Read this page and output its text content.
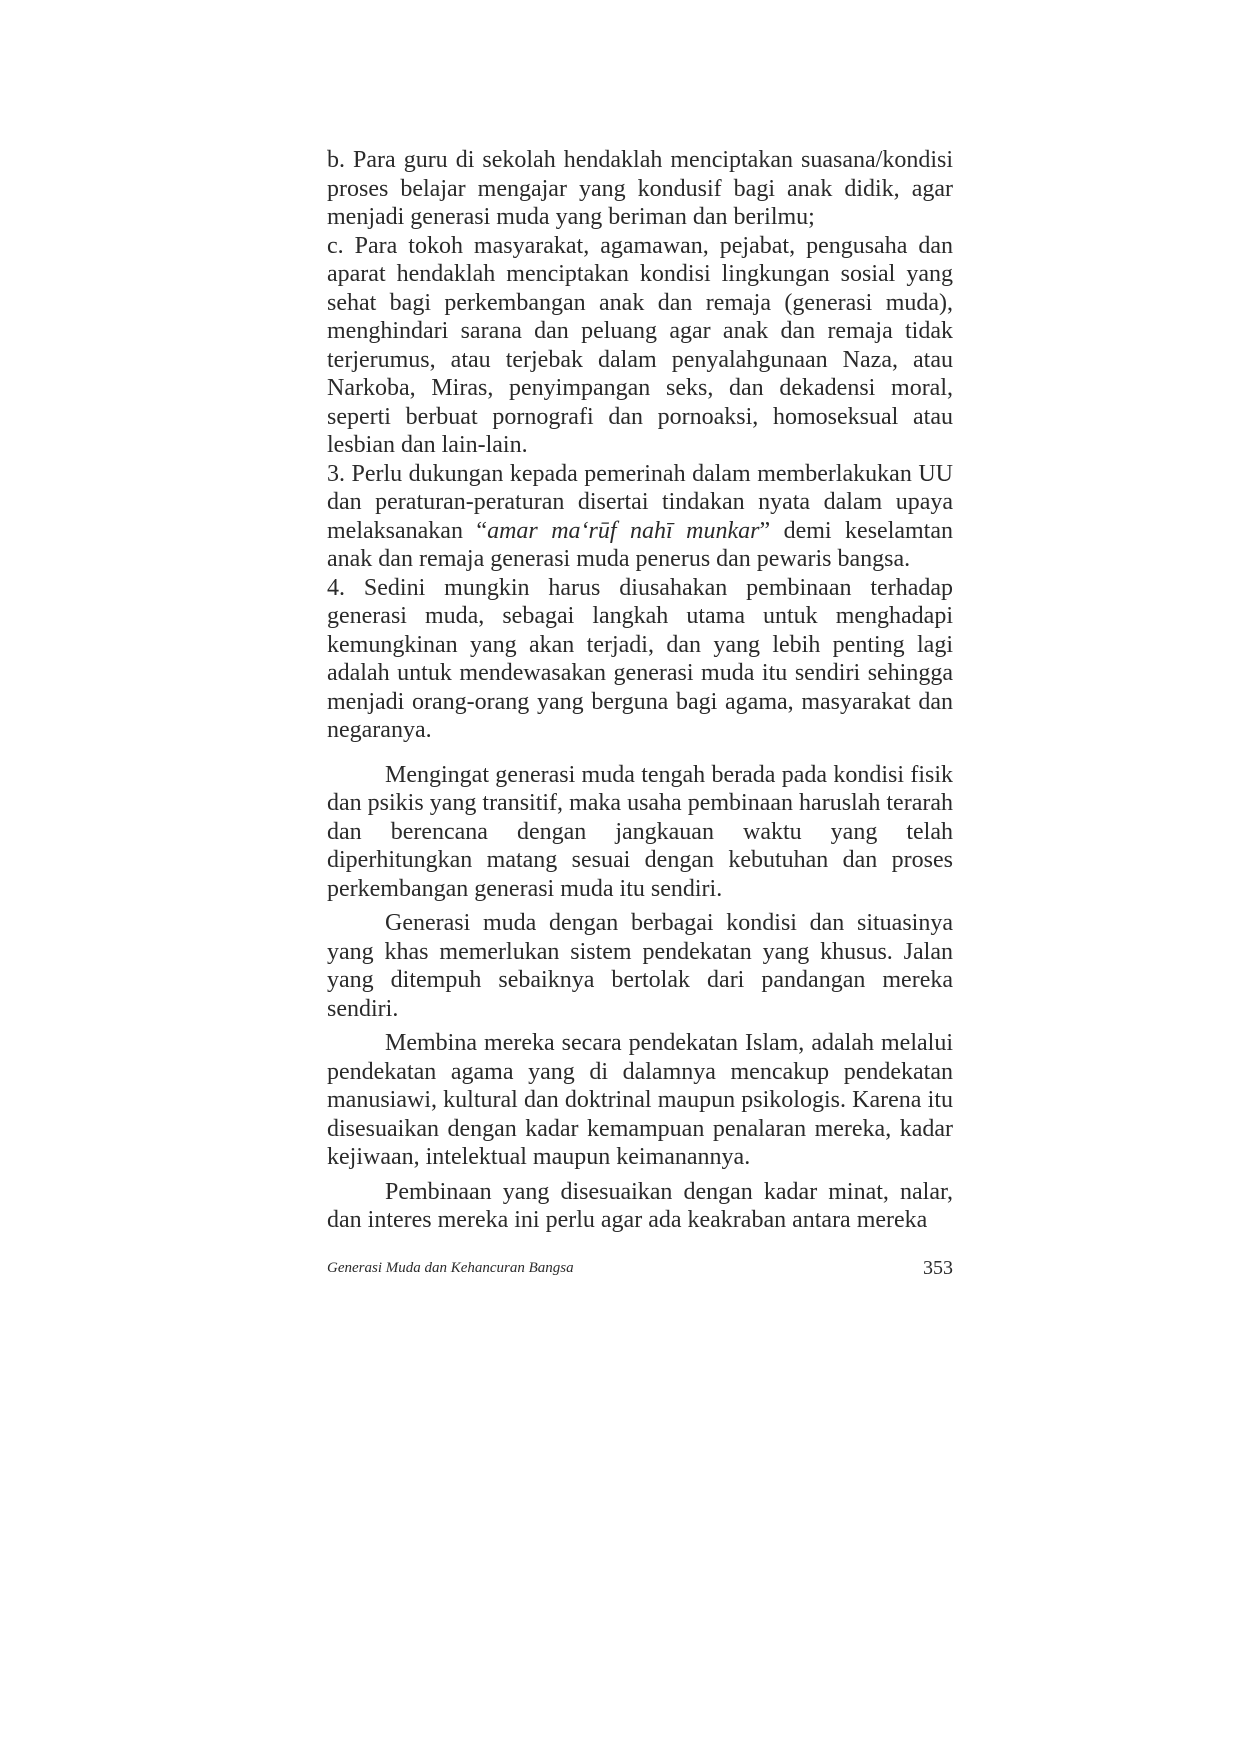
b. Para guru di sekolah hendaklah menciptakan suasana/kondisi proses belajar mengajar yang kondusif bagi anak didik, agar menjadi generasi muda yang beriman dan berilmu;

c. Para tokoh masyarakat, agamawan, pejabat, pengusaha dan aparat hendaklah menciptakan kondisi lingkungan sosial yang sehat bagi perkembangan anak dan remaja (generasi muda), menghindari sarana dan peluang agar anak dan remaja tidak terjerumus, atau terjebak dalam penyalahgunaan Naza, atau Narkoba, Miras, penyimpangan seks, dan dekadensi moral, seperti berbuat pornografi dan pornoaksi, homoseksual atau lesbian dan lain-lain.

3. Perlu dukungan kepada pemerinah dalam memberlakukan UU dan peraturan-peraturan disertai tindakan nyata dalam upaya melaksanakan “amar ma‘rūf nahī munkar” demi keselamtan anak dan remaja generasi muda penerus dan pewaris bangsa.

4. Sedini mungkin harus diusahakan pembinaan terhadap generasi muda, sebagai langkah utama untuk menghadapi kemungkinan yang akan terjadi, dan yang lebih penting lagi adalah untuk mendewasakan generasi muda itu sendiri sehingga menjadi orang-orang yang berguna bagi agama, masyarakat dan negaranya.

Mengingat generasi muda tengah berada pada kondisi fisik dan psikis yang transitif, maka usaha pembinaan haruslah terarah dan berencana dengan jangkauan waktu yang telah diperhitungkan matang sesuai dengan kebutuhan dan proses perkembangan generasi muda itu sendiri.

Generasi muda dengan berbagai kondisi dan situasinya yang khas memerlukan sistem pendekatan yang khusus. Jalan yang ditempuh sebaiknya bertolak dari pandangan mereka sendiri.

Membina mereka secara pendekatan Islam, adalah melalui pendekatan agama yang di dalamnya mencakup pendekatan manusiawi, kultural dan doktrinal maupun psikologis. Karena itu disesuaikan dengan kadar kemampuan penalaran mereka, kadar kejiwaan, intelektual maupun keimanannya.

Pembinaan yang disesuaikan dengan kadar minat, nalar, dan interes mereka ini perlu agar ada keakraban antara mereka

Generasi Muda dan Kehancuran Bangsa	353
